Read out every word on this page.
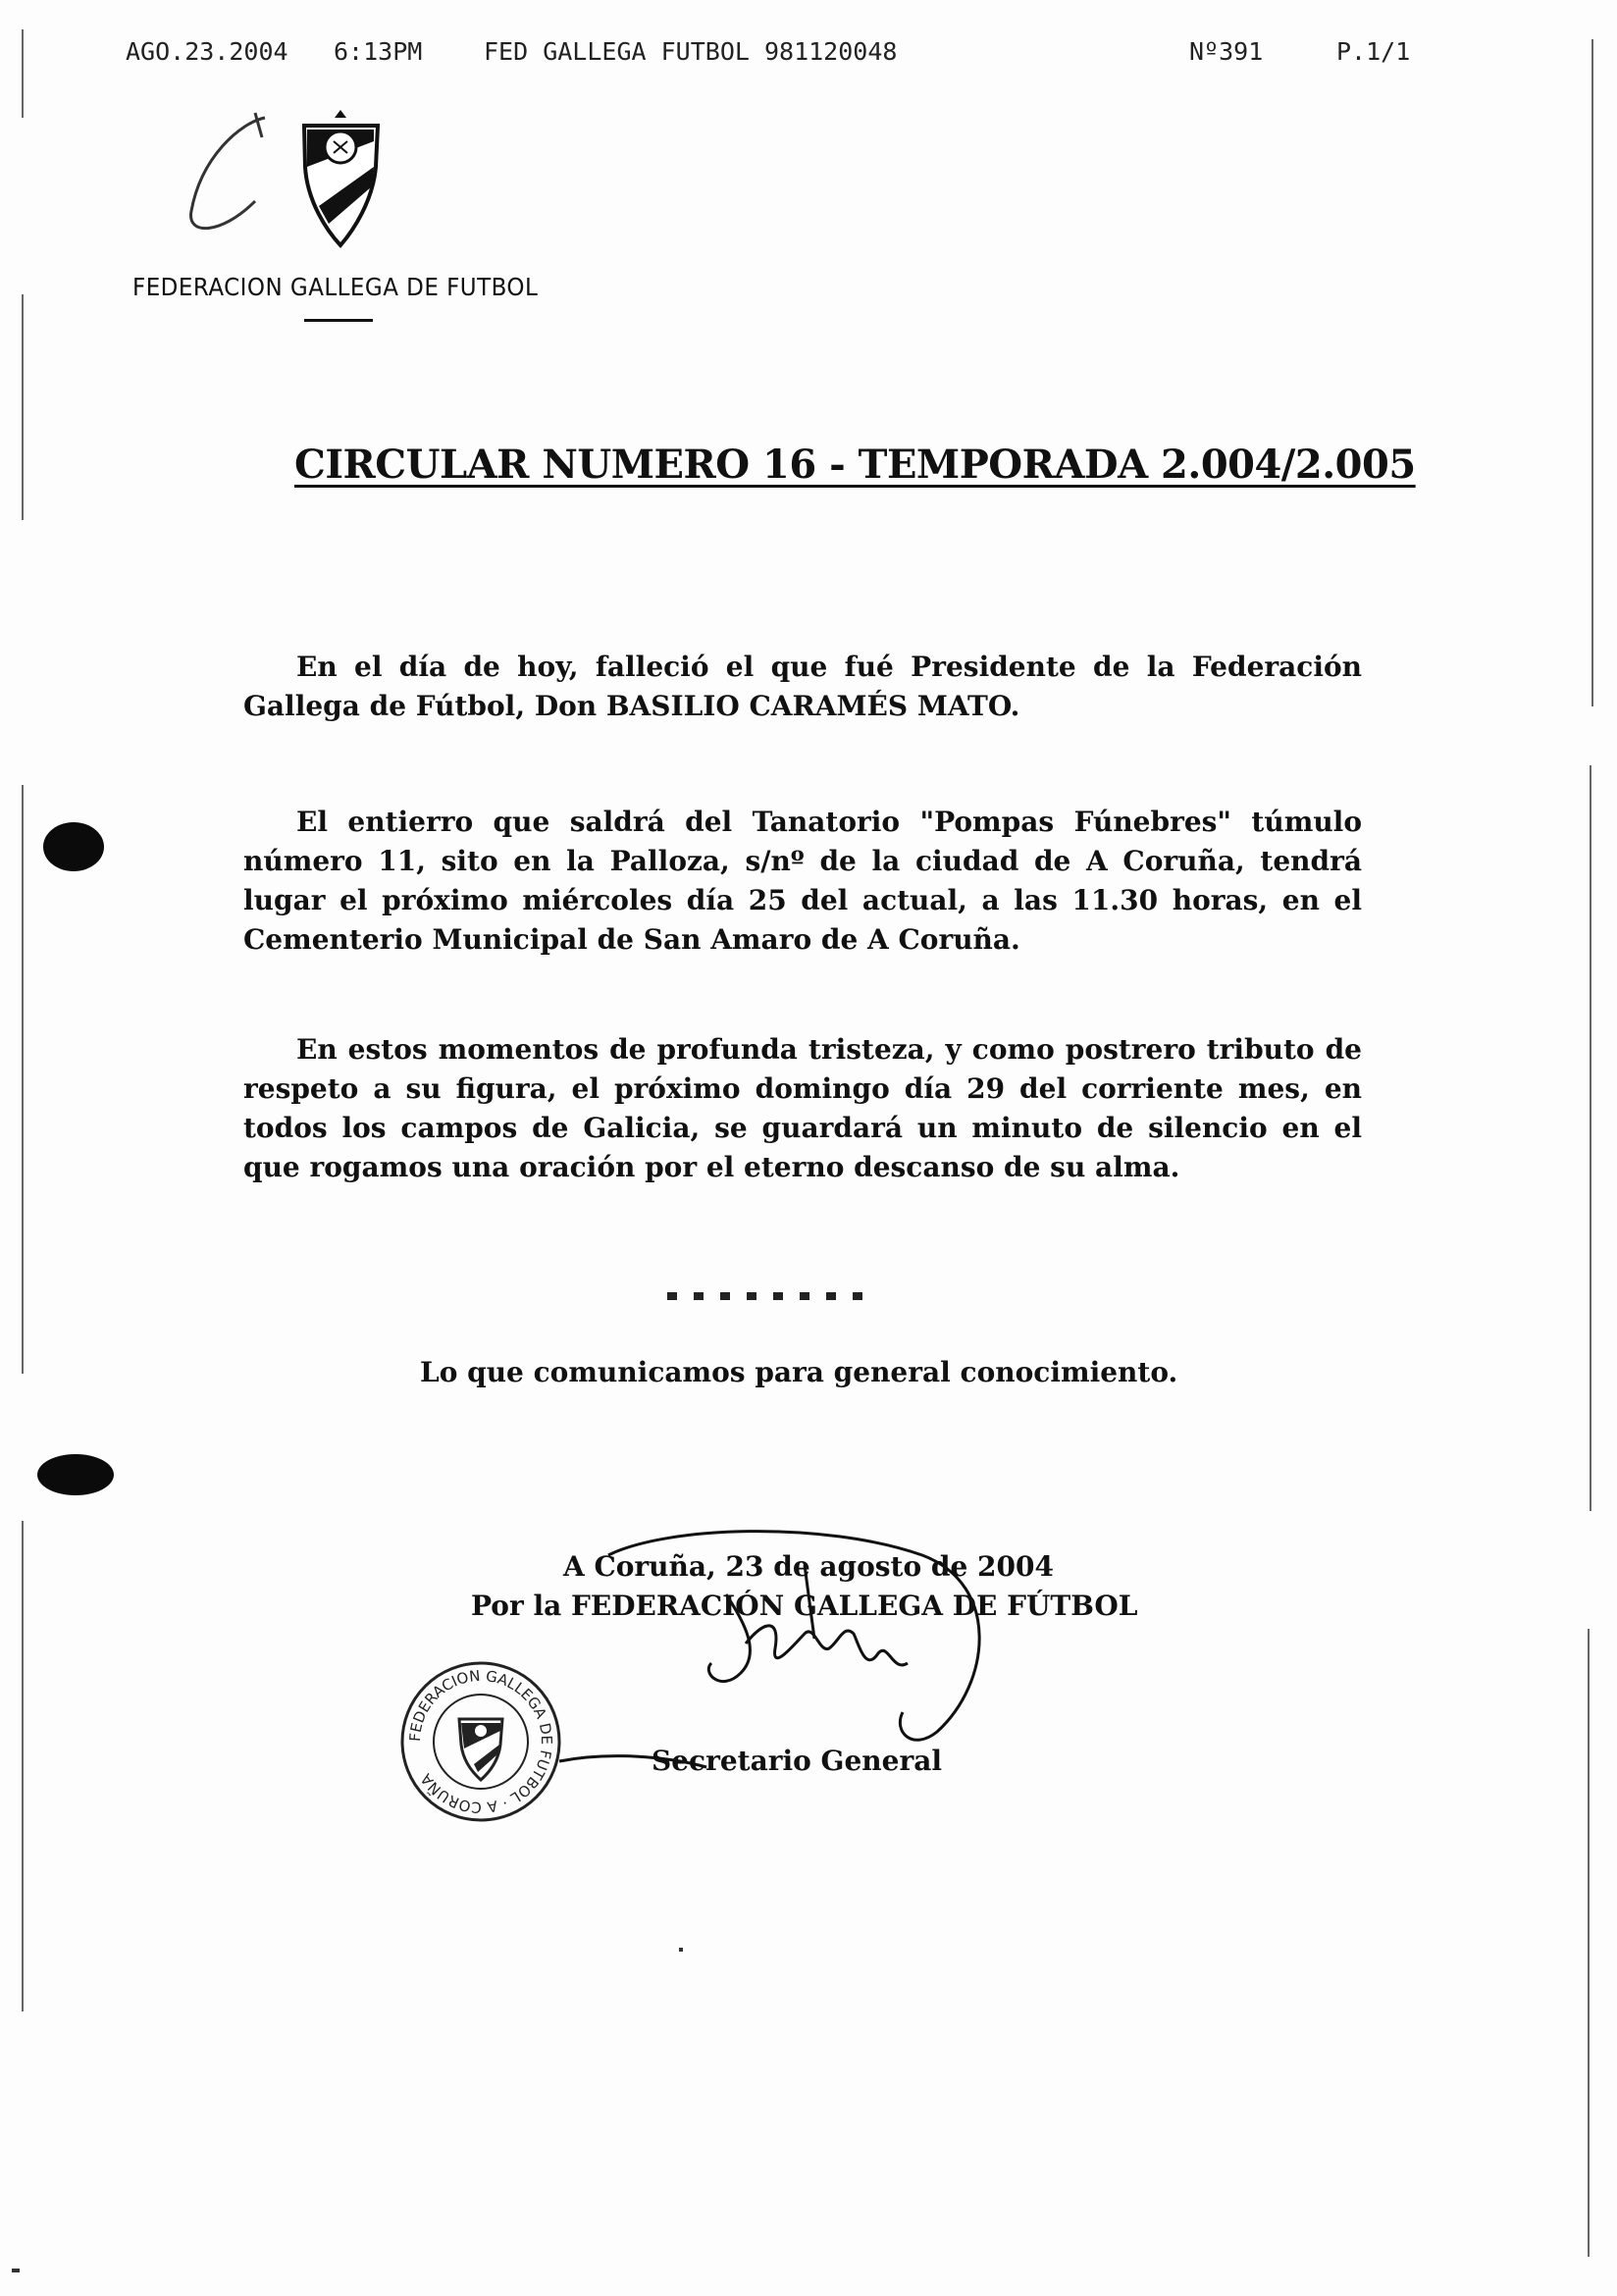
AGO.23.2004 6:13PM	FED GALLEGA FUTBOL 981120048	Nº391	P.1/1
FEDERACION GALLEGA DE FUTBOL
CIRCULAR NUMERO 16 - TEMPORADA 2.004/2.005
En el día de hoy, falleció el que fué Presidente de la Federación Gallega de Fútbol, Don BASILIO CARAMÉS MATO.
El entierro que saldrá del Tanatorio "Pompas Fúnebres" túmulo número 11, sito en la Palloza, s/nº de la ciudad de A Coruña, tendrá lugar el próximo miércoles día 25 del actual, a las 11.30 horas, en el Cementerio Municipal de San Amaro de A Coruña.
En estos momentos de profunda tristeza, y como postrero tributo de respeto a su figura, el próximo domingo día 29 del corriente mes, en todos los campos de Galicia, se guardará un minuto de silencio en el que rogamos una oración por el eterno descanso de su alma.
Lo que comunicamos para general conocimiento.
FEDERACION GALLEGA DE FUTBOL · A CORUÑA
A Coruña, 23 de agosto de 2004
Por la FEDERACIÓN GALLEGA DE FÚTBOL
Secretario General
